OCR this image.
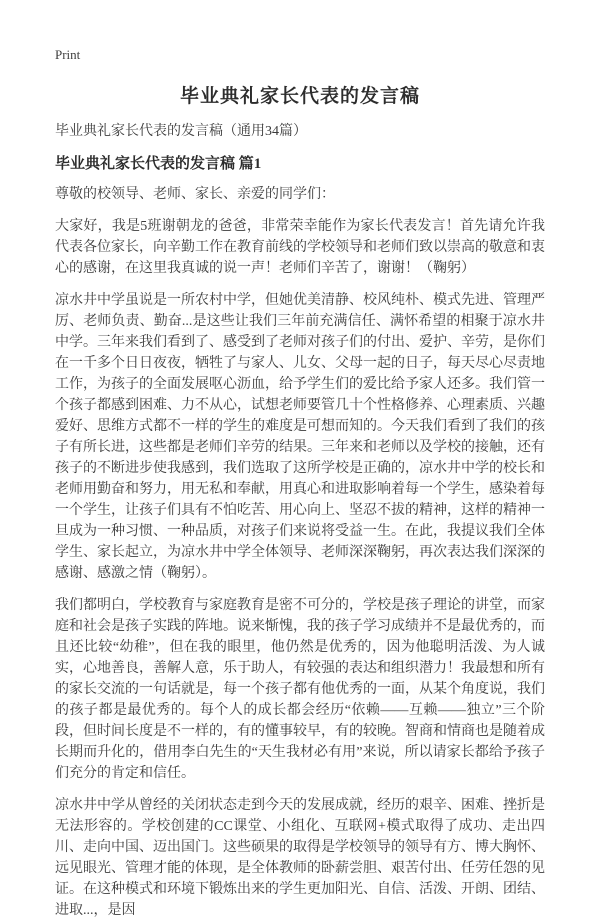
Print
毕业典礼家长代表的发言稿

毕业典礼家长代表的发言稿（通用34篇）

毕业典礼家长代表的发言稿 篇1

尊敬的校领导、老师、家长、亲爱的同学们：

大家好，我是5班谢朝龙的爸爸，非常荣幸能作为家长代表发言！首先请允许我代表各位家长，向辛勤工作在教育前线的学校领导和老师们致以崇高的敬意和衷心的感谢，在这里我真诚的说一声！老师们辛苦了，谢谢！（鞠躬）

凉水井中学虽说是一所农村中学，但她优美清静、校风纯朴、模式先进、管理严厉、老师负责、勤奋...是这些让我们三年前充满信任、满怀希望的相聚于凉水井中学。三年来我们看到了、感受到了老师对孩子们的付出、爱护、辛劳，是你们在一千多个日日夜夜，牺牲了与家人、儿女、父母一起的日子，每天尽心尽责地工作，为孩子的全面发展呕心沥血，给予学生们的爱比给予家人还多。我们管一个孩子都感到困难、力不从心，试想老师要管几十个性格修养、心理素质、兴趣爱好、思维方式都不一样的学生的难度是可想而知的。今天我们看到了我们的孩子有所长进，这些都是老师们辛劳的结果。三年来和老师以及学校的接触，还有孩子的不断进步使我感到，我们选取了这所学校是正确的，凉水井中学的校长和老师用勤奋和努力，用无私和奉献，用真心和进取影响着每一个学生，感染着每一个学生，让孩子们具有不怕吃苦、用心向上、坚忍不拔的精神，这样的精神一旦成为一种习惯、一种品质，对孩子们来说将受益一生。在此，我提议我们全体学生、家长起立，为凉水井中学全体领导、老师深深鞠躬，再次表达我们深深的感谢、感激之情（鞠躬）。

我们都明白，学校教育与家庭教育是密不可分的，学校是孩子理论的讲堂，而家庭和社会是孩子实践的阵地。说来惭愧，我的孩子学习成绩并不是最优秀的，而且还比较“幼稚”，但在我的眼里，他仍然是优秀的，因为他聪明活泼、为人诚实，心地善良，善解人意，乐于助人，有较强的表达和组织潜力！我最想和所有的家长交流的一句话就是，每一个孩子都有他优秀的一面，从某个角度说，我们的孩子都是最优秀的。每个人的成长都会经历“依赖——互赖——独立”三个阶段，但时间长度是不一样的，有的懂事较早，有的较晚。智商和情商也是随着成长期而升化的，借用李白先生的“天生我材必有用”来说，所以请家长都给予孩子们充分的肯定和信任。

凉水井中学从曾经的关闭状态走到今天的发展成就，经历的艰辛、困难、挫折是无法形容的。学校创建的CC课堂、小组化、互联网+模式取得了成功、走出四川、走向中国、迈出国门。这些硕果的取得是学校领导的领导有方、博大胸怀、远见眼光、管理才能的体现，是全体教师的卧薪尝胆、艰苦付出、任劳任怨的见证。在这种模式和环境下锻炼出来的学生更加阳光、自信、活泼、开朗、团结、进取...，是因
